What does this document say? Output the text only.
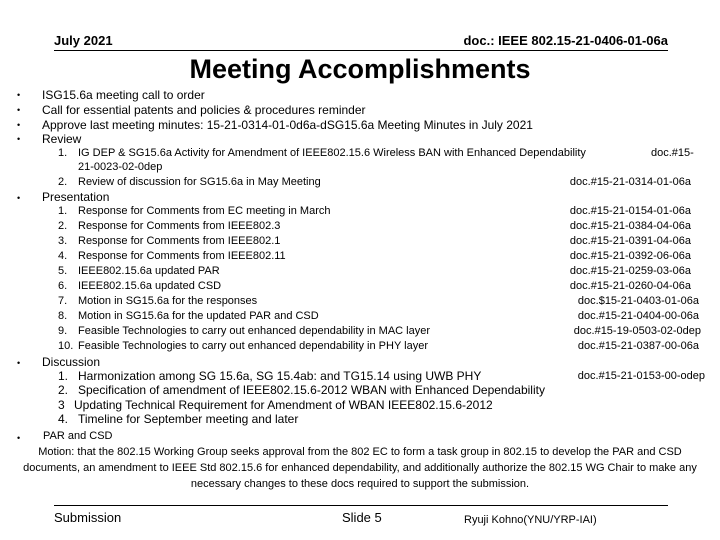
July 2021	doc.: IEEE 802.15-21-0406-01-06a
Meeting Accomplishments
• ISG15.6a meeting call to order
• Call for essential patents and policies & procedures reminder
• Approve last meeting minutes: 15-21-0314-01-0d6a-dSG15.6a Meeting Minutes in July 2021
• Review
1. IG DEP & SG15.6a Activity for Amendment of IEEE802.15.6 Wireless BAN with Enhanced Dependability	doc.#15-
21-0023-02-0dep
2. Review of discussion for SG15.6a in May Meeting	doc.#15-21-0314-01-06a
• Presentation
1. Response for Comments from EC meeting in March	doc.#15-21-0154-01-06a
2. Response for Comments from IEEE802.3	doc.#15-21-0384-04-06a
3. Response for Comments from IEEE802.1	doc.#15-21-0391-04-06a
4. Response for Comments from IEEE802.11	doc.#15-21-0392-06-06a
5. IEEE802.15.6a updated PAR	doc.#15-21-0259-03-06a
6. IEEE802.15.6a updated CSD	doc.#15-21-0260-04-06a
7. Motion in SG15.6a for the responses	doc.$15-21-0403-01-06a
8. Motion in SG15.6a for the updated PAR and CSD	doc.#15-21-0404-00-06a
9. Feasible Technologies to carry out enhanced dependability in MAC layer	doc.#15-19-0503-02-0dep
10. Feasible Technologies to carry out enhanced dependability in PHY layer	doc.#15-21-0387-00-06a
• Discussion
1. Harmonization among SG 15.6a, SG 15.4ab: and TG15.14 using UWB PHY	doc.#15-21-0153-00-odep
2. Specification of amendment of IEEE802.15.6-2012 WBAN with Enhanced Dependability
3 Updating Technical Requirement for Amendment of WBAN IEEE802.15.6-2012
4. Timeline for September meeting and later
• PAR and CSD
Motion: that the 802.15 Working Group seeks approval from the 802 EC to form a task group in 802.15 to develop the PAR and CSD documents, an amendment to IEEE Std 802.15.6 for enhanced dependability, and additionally authorize the 802.15 WG Chair to make any necessary changes to these docs required to support the submission.
Submission	Slide 5	Ryuji Kohno(YNU/YRP-IAI)
